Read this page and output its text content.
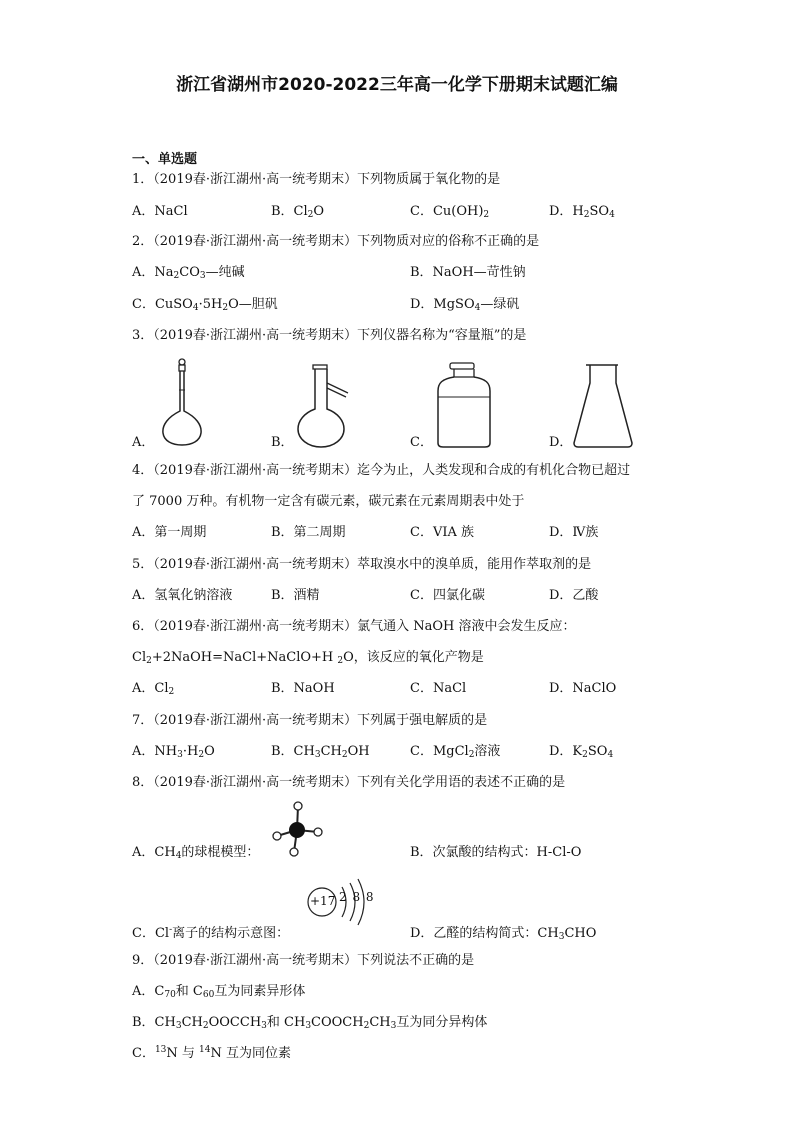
浙江省湖州市2020-2022三年高一化学下册期末试题汇编
一、单选题
1．（2019春·浙江湖州·高一统考期末）下列物质属于氧化物的是
A．NaCl	B．$Cl_2O$	C．$Cu(OH)_2$	D．$H_2SO_4$
2．（2019春·浙江湖州·高一统考期末）下列物质对应的俗称不正确的是
A．$Na_2CO_3—$纯碱	B．NaOH—苛性钠
C．$CuSO_4\cdot 5H_2O—$胆矾	D．MgSO$_4$—绿矾
3．（2019春·浙江湖州·高一统考期末）下列仪器名称为“容量瓶”的是
A．	B．	C．	D．
4．（2019春·浙江湖州·高一统考期末）迄今为止，人类发现和合成的有机化合物已超过
了 7000 万种。有机物一定含有碳元素，碳元素在元素周期表中处于
A．第一周期	B．第二周期	C．VIA 族	D．Ⅳ族
5．（2019春·浙江湖州·高一统考期末）萃取溴水中的溴单质，能用作萃取剂的是
A．氢氧化钠溶液	B．酒精	C．四氯化碳	D．乙酸
6．（2019春·浙江湖州·高一统考期末）氯气通入 NaOH 溶液中会发生反应：
$Cl_2+2NaOH=NaCl+NaClO+H$ $_2$O，该反应的氧化产物是
A．$Cl_2$	B．NaOH	C．NaCl	D．NaClO
7．（2019春·浙江湖州·高一统考期末）下列属于强电解质的是
A．$NH_3\cdot H_2O$	B．$CH_3CH_2OH$	C．MgCl$_2$溶液	D．$K_2SO_4$
8．（2019春·浙江湖州·高一统考期末）下列有关化学用语的表述不正确的是
A．$CH_4$的球棍模型：	B．次氯酸的结构式：H-Cl-O
+17 2 8 8
C．Cl-离子的结构示意图：	D．乙醛的结构简式：$CH_3CHO$
9．（2019春·浙江湖州·高一统考期末）下列说法不正确的是
A．$C_{70}$和 $C_{60}$互为同素异形体
B．$CH_3CH_2OOCCH_3$和 $CH_3COOCH_2CH_3$互为同分异构体
C．$^{13}$N 与 $^{14}$N 互为同位素
